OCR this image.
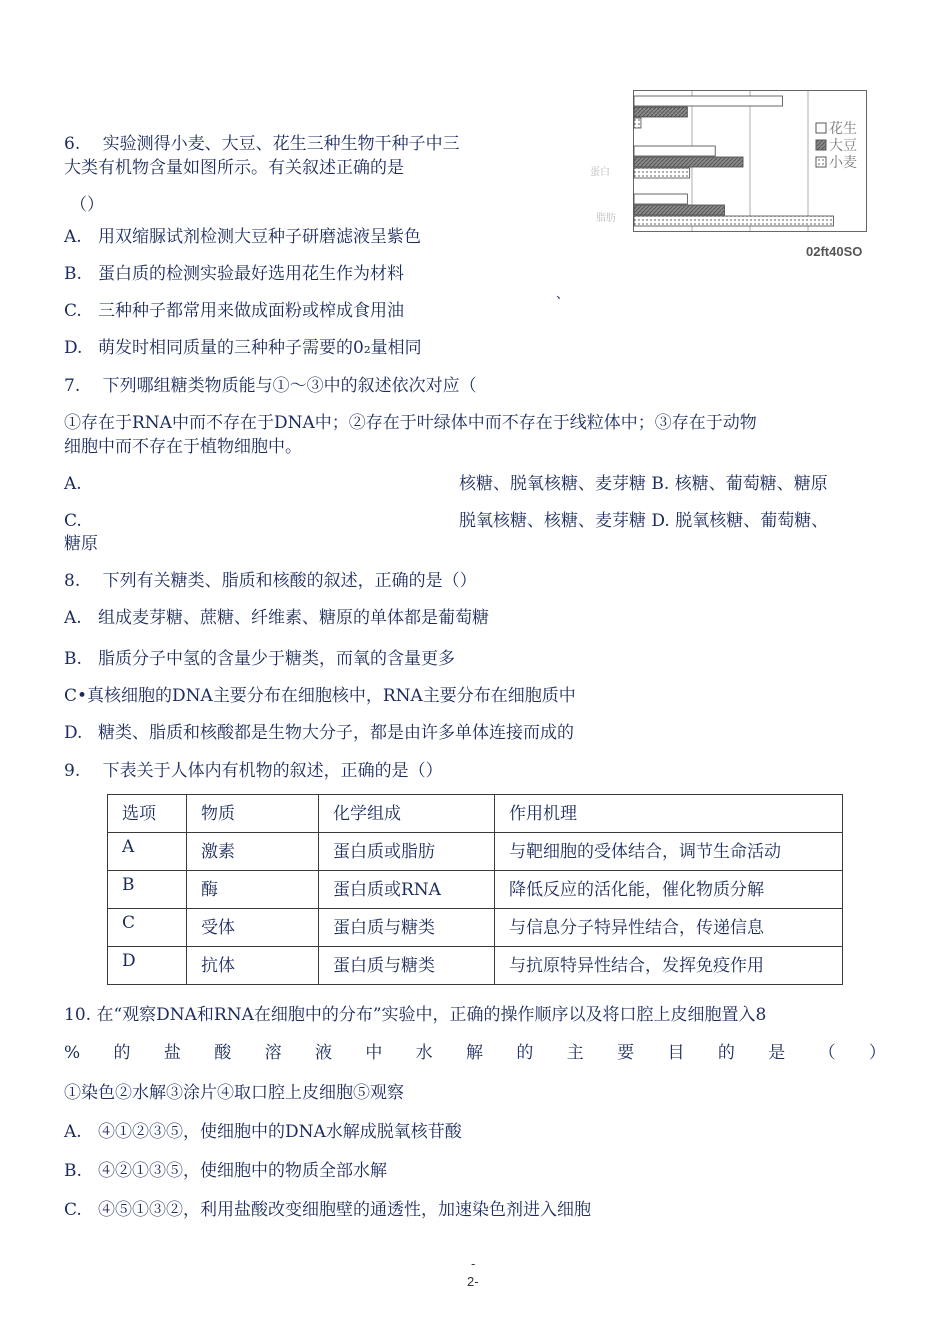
6.　 实验测得小麦、大豆、花生三种生物干种子中三
大类有机物含量如图所示。有关叙述正确的是
（）
A. 用双缩脲试剂检测大豆种子研磨滤液呈紫色
B. 蛋白质的检测实验最好选用花生作为材料
C. 三种种子都常用来做成面粉或榨成食用油
D. 萌发时相同质量的三种种子需要的0₂量相同
、
花生
大豆
小麦
蛋白
脂肪
02ft40SO
7.　 下列哪组糖类物质能与①～③中的叙述依次对应（
①存在于RNA中而不存在于DNA中；②存在于叶绿体中而不存在于线粒体中；③存在于动物
细胞中而不存在于植物细胞中。
A.	核糖、脱氧核糖、麦芽糖 B. 核糖、葡萄糖、糖原
C.	脱氧核糖、核糖、麦芽糖 D. 脱氧核糖、葡萄糖、
糖原
8.　 下列有关糖类、脂质和核酸的叙述，正确的是（）
A. 组成麦芽糖、蔗糖、纤维素、糖原的单体都是葡萄糖
B. 脂质分子中氢的含量少于糖类，而氧的含量更多
C•真核细胞的DNA主要分布在细胞核中，RNA主要分布在细胞质中
D. 糖类、脂质和核酸都是生物大分子，都是由许多单体连接而成的
9.　 下表关于人体内有机物的叙述，正确的是（）
选项	物质	化学组成	作用机理
A	激素	蛋白质或脂肪	与靶细胞的受体结合，调节生命活动
B	酶	蛋白质或RNA	降低反应的活化能，催化物质分解
C	受体	蛋白质与糖类	与信息分子特异性结合，传递信息
D	抗体	蛋白质与糖类	与抗原特异性结合，发挥免疫作用
10. 在“观察DNA和RNA在细胞中的分布”实验中，正确的操作顺序以及将口腔上皮细胞置入8
% 的 盐 酸 溶 液 中 水 解 的 主 要 目 的 是 （ ）
①染色②水解③涂片④取口腔上皮细胞⑤观察
A. ④①②③⑤，使细胞中的DNA水解成脱氧核苷酸
B. ④②①③⑤，使细胞中的物质全部水解
C. ④⑤①③②，利用盐酸改变细胞壁的通透性，加速染色剂进入细胞
-
2-
